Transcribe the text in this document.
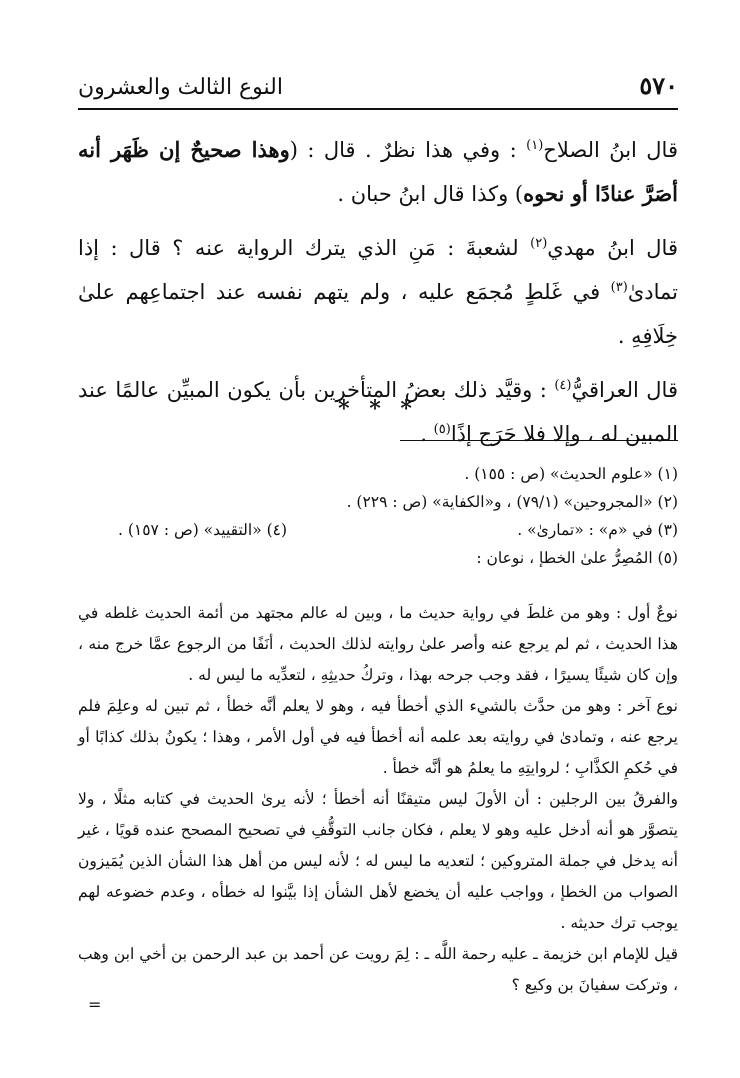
النوع الثالث والعشرون	٥٧٠

قال ابنُ الصلاح$^{(١)}$ : وفي هذا نظرٌ . قال : (وهذا صحيحٌ إن ظَهَر أنه أصَرَّ عنادًا أو نحوه) وكذا قال ابنُ حبان .

قال ابنُ مهدي$^{(٢)}$ لشعبةَ : مَنِ الذي يترك الرواية عنه ؟ قال : إذا تمادىٰ$^{(٣)}$ في غَلطٍ مُجمَع عليه ، ولم يتهم نفسه عند اجتماعِهم علىٰ خِلَافِهِ .

قال العراقيُّ$^{(٤)}$ : وقيَّد ذلك بعضُ المتأخرين بأن يكون المبيِّن عالمًا عند المبين له ، وإلا فلا حَرَج إذًا$^{(٥)}$ .

* * *
(١) «علوم الحديث» (ص : ١٥٥) .
(٢) «المجروحين» (٧٩/١) ، و«الكفاية» (ص : ٢٢٩) .
(٣) في «م» : «تمارىٰ» .
(٤) «التقييد» (ص : ١٥٧) .
(٥) المُصِرُّ علىٰ الخطإ ، نوعان :

نوعٌ أول : وهو من غلطَ في رواية حديث ما ، وبين له عالم مجتهد من أئمة الحديث غلطه في هذا الحديث ، ثم لم يرجع عنه وأصر علىٰ روايته لذلك الحديث ، أنَفًا من الرجوع عمَّا خرج منه ، وإن كان شيئًا يسيرًا ، فقد وجب جرحه بهذا ، وتركُ حديثِهِ ، لتعدِّيه ما ليس له .

نوع آخر : وهو من حدَّث بالشيء الذي أخطأ فيه ، وهو لا يعلم أنَّه خطأ ، ثم تبين له وعلِمَ فلم يرجع عنه ، وتمادىٰ في روايته بعد علمه أنه أخطأ فيه في أول الأمر ، وهذا ؛ يكونُ بذلك كذابًا أو في حُكمِ الكذَّابِ ؛ لروايتِهِ ما يعلمُ هو أنَّه خطأ .

والفرقُ بين الرجلين : أن الأولَ ليس متيقنًا أنه أخطأ ؛ لأنه يرىٰ الحديث في كتابه مثلًا ، ولا يتصوَّر هو أنه أدخل عليه وهو لا يعلم ، فكان جانب التوقُّفِ في تصحيح المصحح عنده قويًا ، غير أنه يدخل في جملة المتروكين ؛ لتعديه ما ليس له ؛ لأنه ليس من أهل هذا الشأن الذين يُمَيزون الصواب من الخطإ ، وواجب عليه أن يخضع لأهل الشأن إذا بيَّنوا له خطأه ، وعدم خضوعه لهم يوجب ترك حديثه .

قيل للإمام ابن خزيمة ـ عليه رحمة اللَّه ـ : لِمَ رويت عن أحمد بن عبد الرحمن بن أخي ابن وهب ، وتركت سفيانَ بن وكيع ؟

=
